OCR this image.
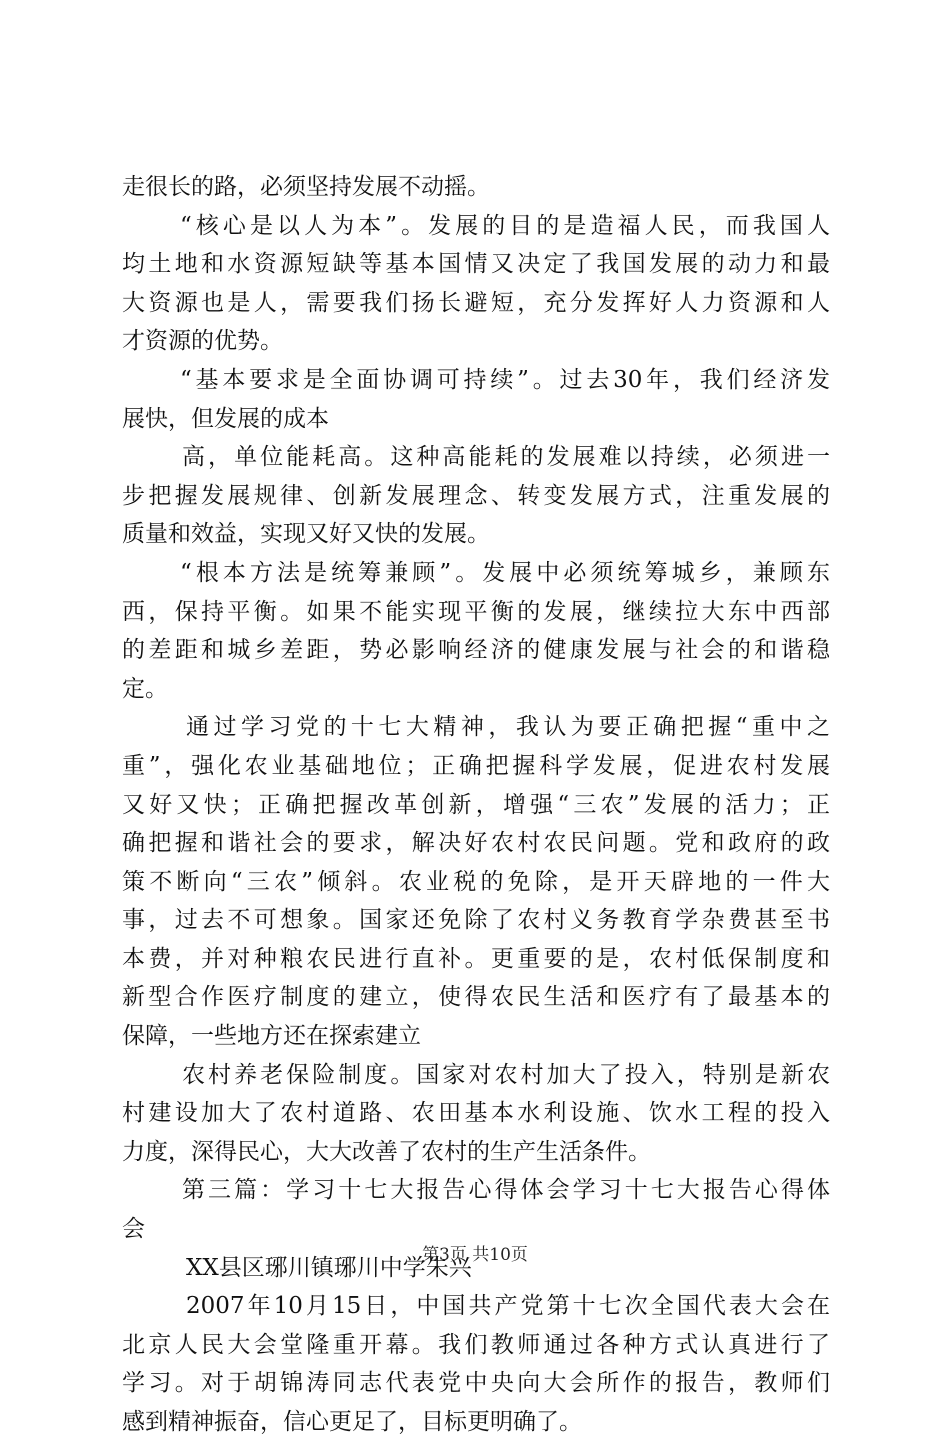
走很长的路，必须坚持发展不动摇。
“核心是以人为本”。发展的目的是造福人民，而我国人
均土地和水资源短缺等基本国情又决定了我国发展的动力和最
大资源也是人，需要我们扬长避短，充分发挥好人力资源和人
才资源的优势。
“基本要求是全面协调可持续”。过去30年，我们经济发
展快，但发展的成本
高，单位能耗高。这种高能耗的发展难以持续，必须进一
步把握发展规律、创新发展理念、转变发展方式，注重发展的
质量和效益，实现又好又快的发展。
“根本方法是统筹兼顾”。发展中必须统筹城乡，兼顾东
西，保持平衡。如果不能实现平衡的发展，继续拉大东中西部
的差距和城乡差距，势必影响经济的健康发展与社会的和谐稳
定。
通过学习党的十七大精神，我认为要正确把握“重中之
重”，强化农业基础地位；正确把握科学发展，促进农村发展
又好又快；正确把握改革创新，增强“三农”发展的活力；正
确把握和谐社会的要求，解决好农村农民问题。党和政府的政
策不断向“三农”倾斜。农业税的免除，是开天辟地的一件大
事，过去不可想象。国家还免除了农村义务教育学杂费甚至书
本费，并对种粮农民进行直补。更重要的是，农村低保制度和
新型合作医疗制度的建立，使得农民生活和医疗有了最基本的
保障，一些地方还在探索建立
农村养老保险制度。国家对农村加大了投入，特别是新农
村建设加大了农村道路、农田基本水利设施、饮水工程的投入
力度，深得民心，大大改善了农村的生产生活条件。
第三篇：学习十七大报告心得体会学习十七大报告心得体
会
XX县区琊川镇琊川中学朱兴
2007年10月15日，中国共产党第十七次全国代表大会在
北京人民大会堂隆重开幕。我们教师通过各种方式认真进行了
学习。对于胡锦涛同志代表党中央向大会所作的报告，教师们
感到精神振奋，信心更足了，目标更明确了。
第3页 共10页
